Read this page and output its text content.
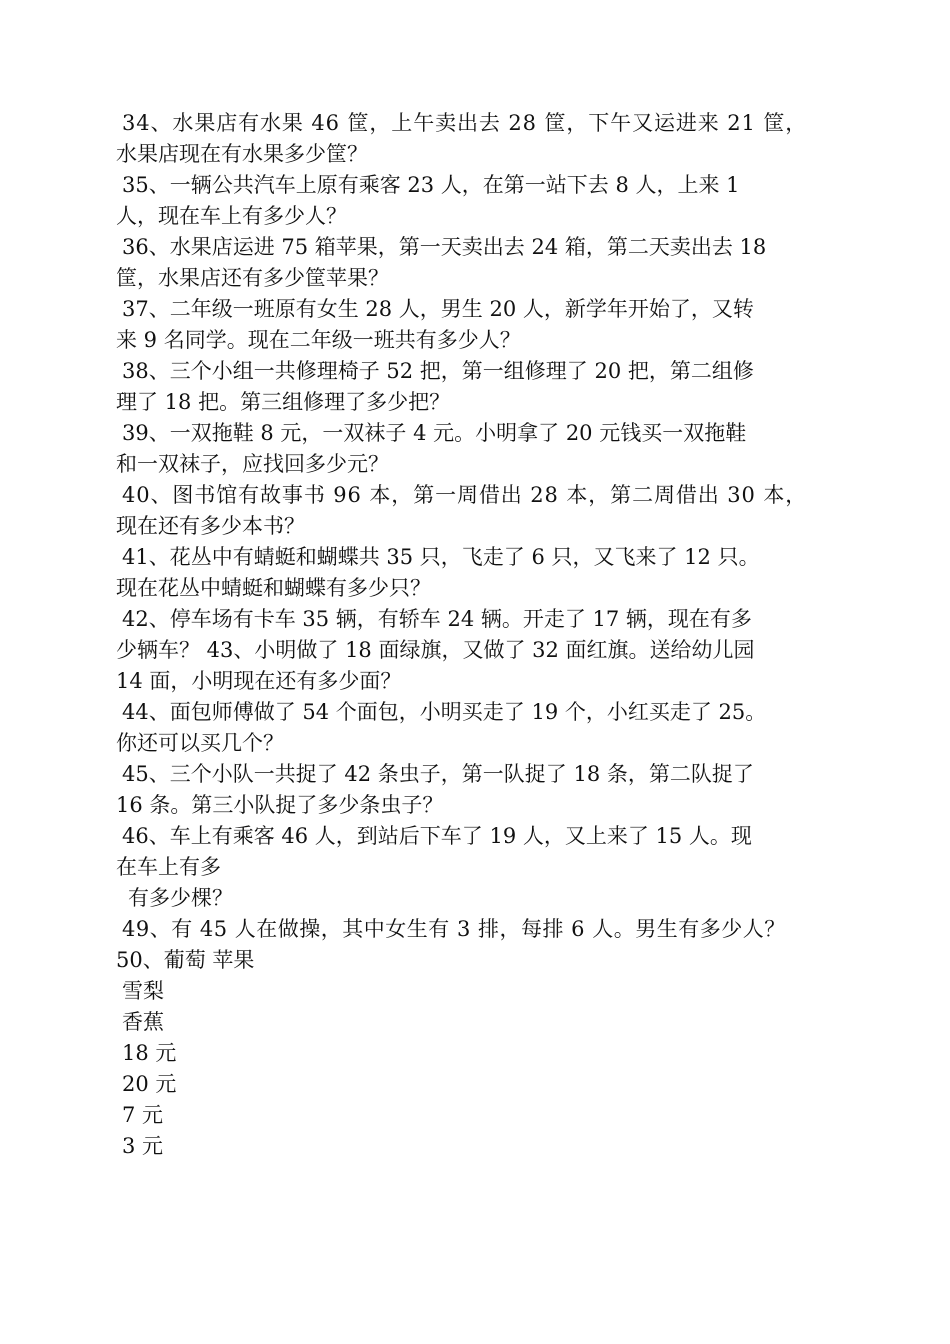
34、水果店有水果 46 筐，上午卖出去 28 筐，下午又运进来 21 筐，
水果店现在有水果多少筐？
35、一辆公共汽车上原有乘客 23 人，在第一站下去 8 人，上来 1
人，现在车上有多少人？
36、水果店运进 75 箱苹果，第一天卖出去 24 箱，第二天卖出去 18
筐，水果店还有多少筐苹果？
37、二年级一班原有女生 28 人，男生 20 人，新学年开始了，又转
来 9 名同学。现在二年级一班共有多少人？
38、三个小组一共修理椅子 52 把，第一组修理了 20 把，第二组修
理了 18 把。第三组修理了多少把？
39、一双拖鞋 8 元，一双袜子 4 元。小明拿了 20 元钱买一双拖鞋
和一双袜子，应找回多少元？
40、图书馆有故事书 96 本，第一周借出 28 本，第二周借出 30 本，
现在还有多少本书？
41、花丛中有蜻蜓和蝴蝶共 35 只，飞走了 6 只，又飞来了 12 只。
现在花丛中蜻蜓和蝴蝶有多少只？
42、停车场有卡车 35 辆，有轿车 24 辆。开走了 17 辆，现在有多
少辆车？ 43、小明做了 18 面绿旗，又做了 32 面红旗。送给幼儿园
14 面，小明现在还有多少面？
44、面包师傅做了 54 个面包，小明买走了 19 个，小红买走了 25。
你还可以买几个？
45、三个小队一共捉了 42 条虫子，第一队捉了 18 条，第二队捉了
16 条。第三小队捉了多少条虫子？
46、车上有乘客 46 人，到站后下车了 19 人，又上来了 15 人。现
在车上有多
有多少棵？
49、有 45 人在做操，其中女生有 3 排，每排 6 人。男生有多少人？
50、葡萄 苹果
雪梨
香蕉
18 元
20 元
7 元
3 元
